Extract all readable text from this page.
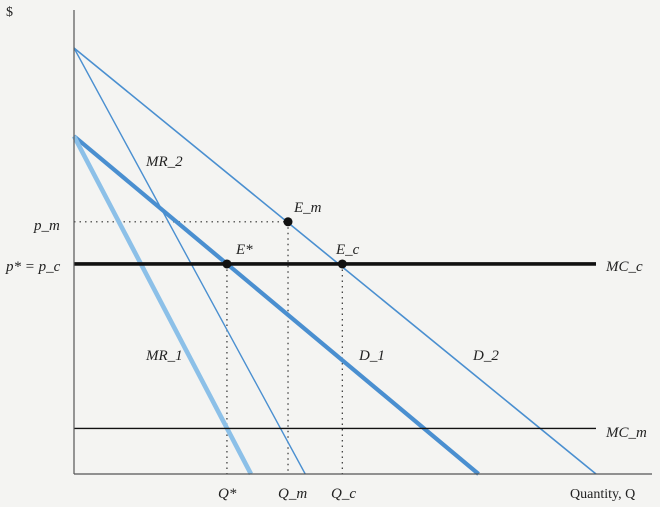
$
Quantity, Q
p_m
p* = p_c
Q*	Q_m Q_c
MR_2
MR_1	D_1	D_2
MC_c
MC_m
E_m
E*	E_c
